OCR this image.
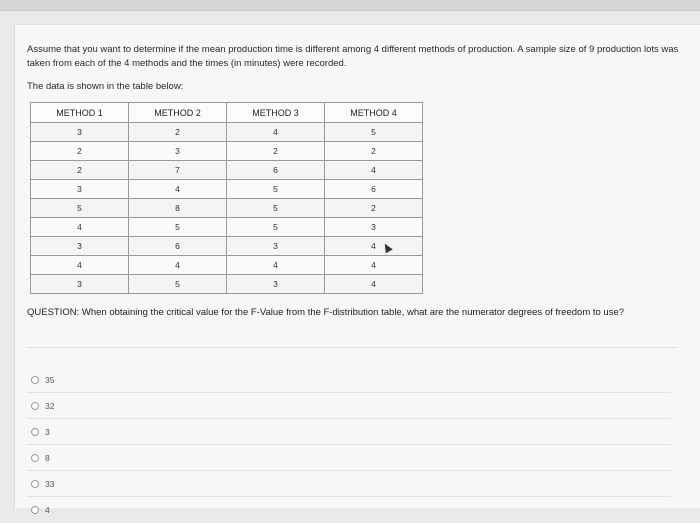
Assume that you want to determine if the mean production time is different among 4 different methods of production. A sample size of 9 production lots was taken from each of the 4 methods and the times (in minutes) were recorded.
The data is shown in the table below:
METHOD 1	METHOD 2	METHOD 3	METHOD 4
3	2	4	5
2	3	2	2
2	7	6	4
3	4	5	6
5	8	5	2
4	5	5	3
3	6	3	4
4	4	4	4
3	5	3	4
QUESTION: When obtaining the critical value for the F-Value from the F-distribution table, what are the numerator degrees of freedom to use?
35
32
3
8
33
4
